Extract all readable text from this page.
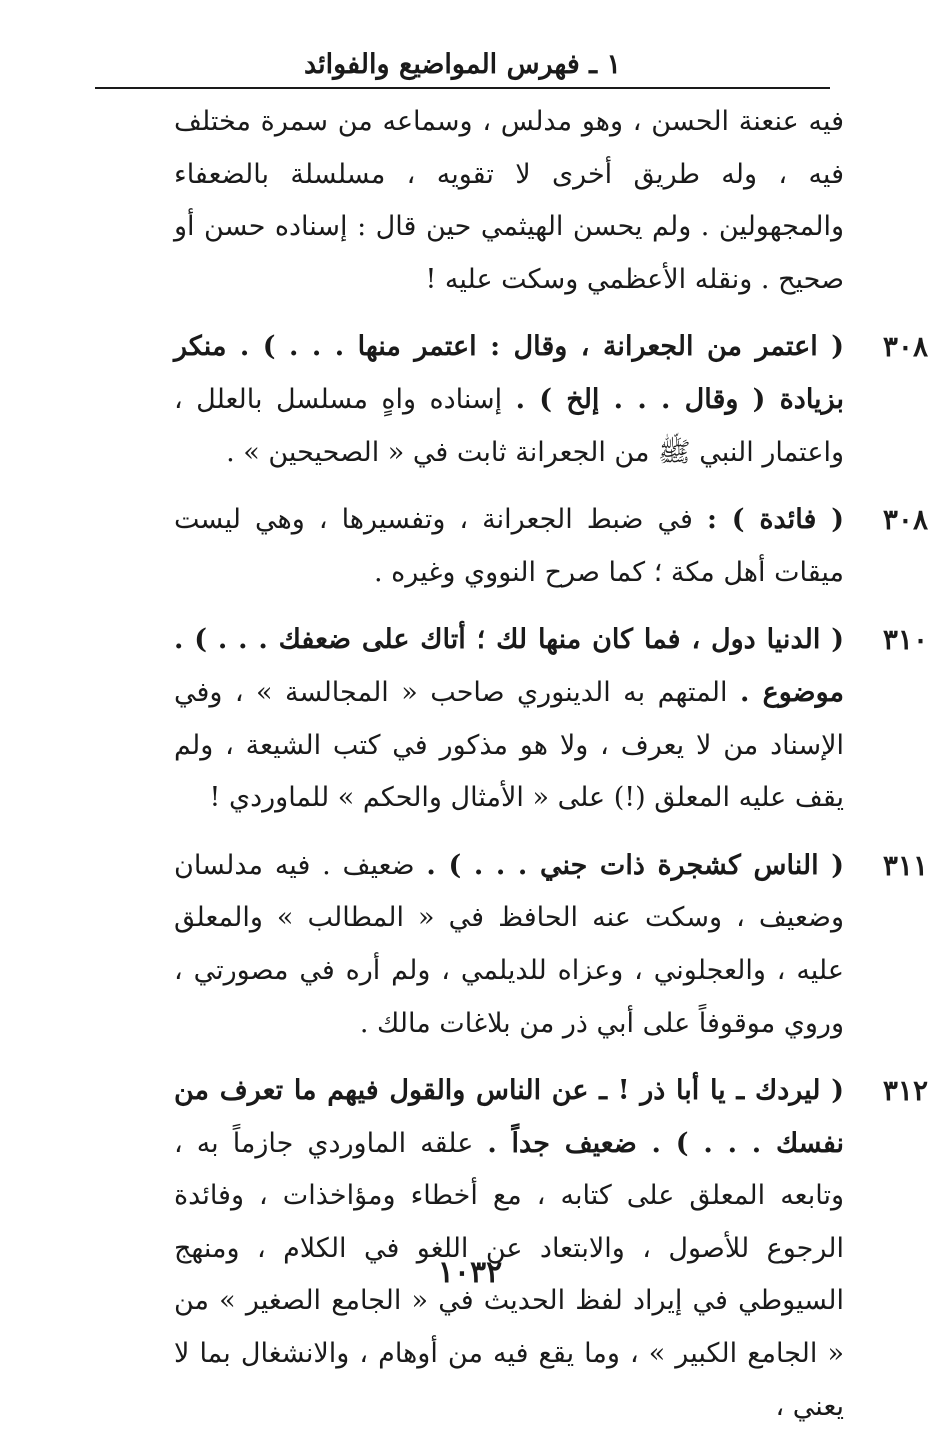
١ ـ فهرس المواضيع والفوائد

فيه عنعنة الحسن ، وهو مدلس ، وسماعه من سمرة مختلف فيه ، وله طريق أخرى لا تقويه ، مسلسلة بالضعفاء والمجهولين . ولم يحسن الهيثمي حين قال : إسناده حسن أو صحيح . ونقله الأعظمي وسكت عليه !

٣٠٨
( اعتمر من الجعرانة ، وقال : اعتمر منها . . . ) . منكر بزيادة ( وقال . . . إلخ ) . إسناده واهٍ مسلسل بالعلل ، واعتمار النبي ﷺ من الجعرانة ثابت في « الصحيحين » .

٣٠٨
( فائدة ) : في ضبط الجعرانة ، وتفسيرها ، وهي ليست ميقات أهل مكة ؛ كما صرح النووي وغيره .

٣١٠
( الدنيا دول ، فما كان منها لك ؛ أتاك على ضعفك . . . ) . موضوع . المتهم به الدينوري صاحب « المجالسة » ، وفي الإسناد من لا يعرف ، ولا هو مذكور في كتب الشيعة ، ولم يقف عليه المعلق (!) على « الأمثال والحكم » للماوردي !

٣١١
( الناس كشجرة ذات جني . . . ) . ضعيف . فيه مدلسان وضعيف ، وسكت عنه الحافظ في « المطالب » والمعلق عليه ، والعجلوني ، وعزاه للديلمي ، ولم أره في مصورتي ، وروي موقوفاً على أبي ذر من بلاغات مالك .

٣١٢
( ليردك ـ يا أبا ذر ! ـ عن الناس والقول فيهم ما تعرف من نفسك . . . ) . ضعيف جداً . علقه الماوردي جازماً به ، وتابعه المعلق على كتابه ، مع أخطاء ومؤاخذات ، وفائدة الرجوع للأصول ، والابتعاد عن اللغو في الكلام ، ومنهج السيوطي في إيراد لفظ الحديث في « الجامع الصغير » من « الجامع الكبير » ، وما يقع فيه من أوهام ، والانشغال بما لا يعني ،

١٠٣٢
